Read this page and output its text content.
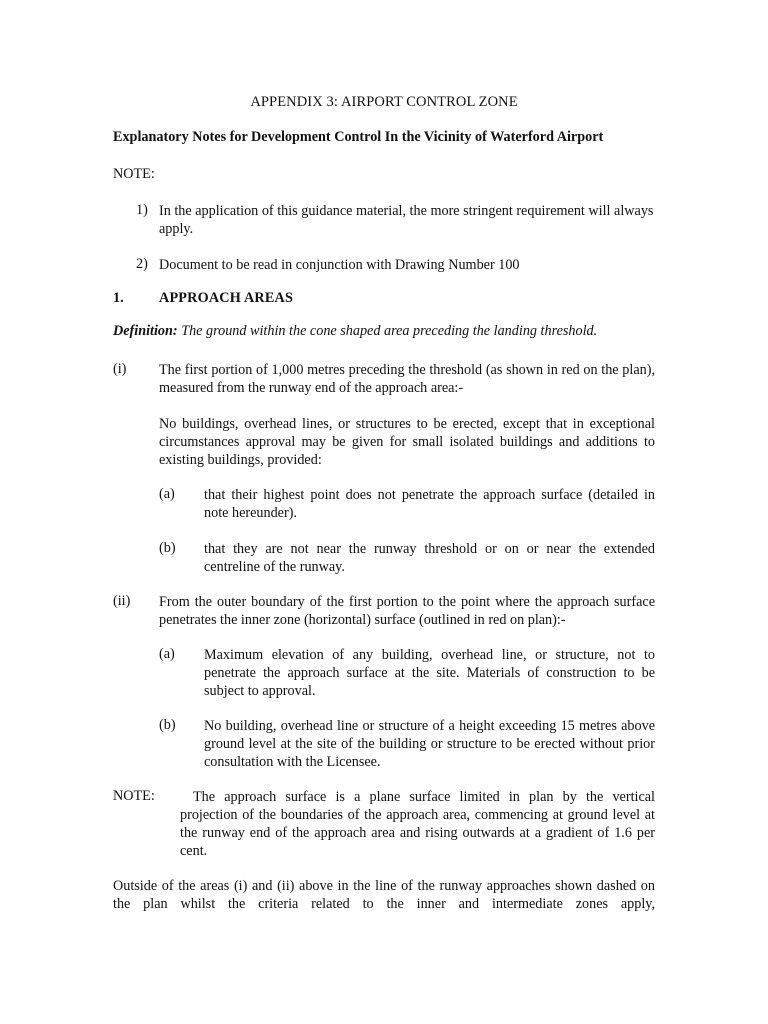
APPENDIX 3: AIRPORT CONTROL ZONE

Explanatory Notes for Development Control In the Vicinity of Waterford Airport

NOTE:

1) In the application of this guidance material, the more stringent requirement will always apply.

2) Document to be read in conjunction with Drawing Number 100

1. APPROACH AREAS

Definition: The ground within the cone shaped area preceding the landing threshold.

(i) The first portion of 1,000 metres preceding the threshold (as shown in red on the plan), measured from the runway end of the approach area:-

No buildings, overhead lines, or structures to be erected, except that in exceptional circumstances approval may be given for small isolated buildings and additions to existing buildings, provided:

(a) that their highest point does not penetrate the approach surface (detailed in note hereunder).

(b) that they are not near the runway threshold or on or near the extended centreline of the runway.

(ii) From the outer boundary of the first portion to the point where the approach surface penetrates the inner zone (horizontal) surface (outlined in red on plan):-

(a) Maximum elevation of any building, overhead line, or structure, not to penetrate the approach surface at the site. Materials of construction to be subject to approval.

(b) No building, overhead line or structure of a height exceeding 15 metres above ground level at the site of the building or structure to be erected without prior consultation with the Licensee.

NOTE:	The approach surface is a plane surface limited in plan by the vertical

projection of the boundaries of the approach area, commencing at ground level at the runway end of the approach area and rising outwards at a gradient of 1.6 per cent.

Outside of the areas (i) and (ii) above in the line of the runway approaches shown dashed on the plan whilst the criteria related to the inner and intermediate zones apply,
